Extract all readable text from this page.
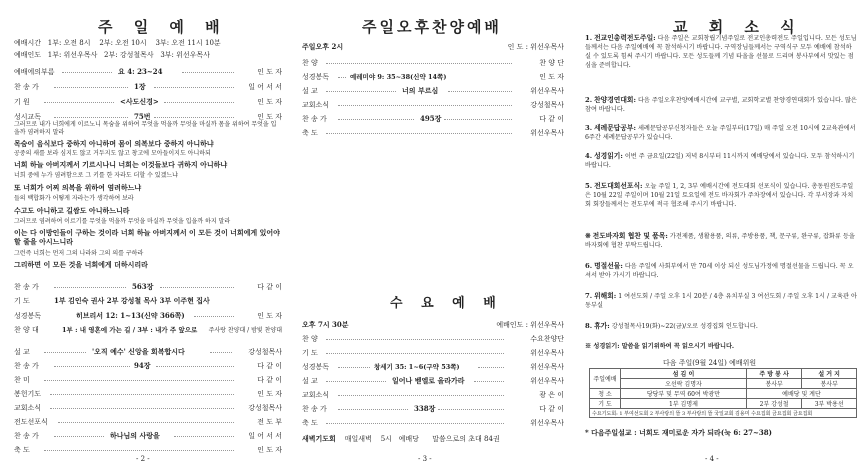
주 일 예 배
예배시간 1부: 오전 8시 2부: 오전 10시 3부: 오전 11시 10분
예배인도 1부: 위선우목사 2부: 강성철목사 3부: 위선우목사
예배에의부름	요 4: 23~24	인 도 자
찬 송 가	1장	일 어 서 서
기 원	<사도신경>	인 도 자
성시교독	75번	인 도 자
그러므로 내가 너희에게 이르노니 목숨을 위하여 무엇을 먹을까 무엇을 마실까 몸을 위하여 무엇을 입을까 염려하지 말라
목숨이 음식보다 중하지 아니하며 몸이 의복보다 중하지 아니하냐
공중의 새를 보라 심지도 않고 거두지도 않고 창고에 모아들이지도 아니하되
너희 하늘 아버지께서 기르시나니 너희는 이것들보다 귀하지 아니하냐
너희 중에 누가 염려함으로 그 키를 한 자라도 더할 수 있겠느냐
또 너희가 어찌 의복을 위하여 염려하느냐
들의 백합화가 어떻게 자라는가 생각하여 보라
수고도 아니하고 길쌈도 아니하느니라
그러므로 염려하여 이르기를 무엇을 먹을까 무엇을 마실까 무엇을 입을까 하지 말라
이는 다 이방인들이 구하는 것이라 너희 하늘 아버지께서 이 모든 것이 너희에게 있어야 할 줄을 아시느니라
그런즉 너희는 먼저 그의 나라와 그의 의를 구하라
그리하면 이 모든 것을 너희에게 더하시리라
찬 송 가	563장	다 같 이
기 도	1부 김인숙 권사 2부 강성철 목사 3부 이주현 집사
성경봉독	히브리서 12: 1~13(신약 366쪽)	인 도 자
찬 양 대	1부 : 내 영혼에 가는 길 / 3부 : 내가 주 앞으로 주사랑 찬양대 / 밤빛 찬양대
설 교	'오직 예수' 신앙을 회복합시다	강성철목사
찬 송 가	94장	다 같 이
찬 미	다 같 이
봉헌기도	인 도 자
교회소식	강성철목사
전도선포식	전 도 부
찬 송 가	하나님의 사랑을	일 어 서 서
축 도	인 도 자
- 2 -
주일오후찬양예배
주일오후 2시	인 도 : 위선우목사
찬 양	찬 양 단
성경봉독	예레미야 9: 35~38(신약 14쪽)	인 도 자
설 교	너의 부르심	위선우목사
교회소식	강성철목사
찬 송 가	495장	다 같 이
축 도	위선우목사
수 요 예 배
오후 7시 30분	예배인도 : 위선우목사
찬 양	수요찬양단
기 도	위선우목사
성경봉독	창세기 35: 1~6(구약 53쪽)	위선우목사
설 교	일어나 벧엘로 올라가라	위선우목사
교회소식	광 은 이
찬 송 가	338장	다 같 이
축 도	위선우목사
새벽기도회 매일새벽 5시 예배당 말씀으로의 초대 84권
- 3 -
교 회 소 식
1. 전교인총력전도주일: 다음 주일은 교회창립기념주일로 전교인총력전도 주일입니다. 모든 성도님들께서는 다음 주일예배에 꼭 참석하시기 바랍니다. 구역장님들께서는 구역식구 모두 예배에 참석하실 수 있도록 힘써 주시기 바랍니다. 모든 성도들께 기념 타올을 선물로 드리며 봉사부에서 맛있는 점심을 준비합니다.
2. 찬양경연대회: 다음 주일오후찬양예배시간에 교구별, 교회학교별 찬양경연대회가 있습니다. 많은 참여 바랍니다.
3. 세례문답공부: 세례문답공부신청자들은 오늘 주일부터(17일) 매 주일 오전 10시에 2교육관에서 6주간 세례문답공부가 있습니다.
4. 성경읽기: 이번 주 금요일(22일) 저녁 8시부터 11시까지 예배당에서 있습니다. 모두 참석하시기 바랍니다.
5. 전도대회선포식: 오늘 주일 1, 2, 3부 예배시간에 전도대회 선포식이 있습니다. 총동원전도주일은 10월 22일 주일이며 10월 21일 토요일에 전도 바자회가 주차장에서 있습니다. 각 부서장과 자치회 회장들께서는 전도부에 적극 협조해 주시기 바랍니다.
※ 전도바자회 협찬 및 품목: 가전제품, 생활용품, 의류, 주방용품, 책, 문구류, 완구류, 잡화류 등을 바자회에 협찬 부탁드립니다.
6. 명절선물: 다음 주일에 사회부에서 만 70세 이상 되신 성도님가정에 명절선물을 드립니다. 꼭 오셔서 받아 가시기 바랍니다.
7. 위해회: 1 여선도회 / 주일 오후 1시 20분 / 4층 유치부실 3 여선도회 / 주일 오후 1시 / 교육관 아동부실
8. 휴가: 강성철목사19(화)~22(금)/오로 성경집회 인도합니다.
※ 성경읽기: 말씀을 읽기위하여 꼭 읽으시기 바랍니다.
다음 주일(9월 24일) 예배위원
주일예배	섬 김 이	주 방 봉 사	설 거 지
	오선락 김명자	봉사부	봉사부
청 소	당당부 및 무역 60여 박광만	예배당 및 계단	
기 도	1부 김명제	2부 강성철	3부 박용선
수요기도회: 1 부여선도회 2 부사랑의 뜰 3 부사랑의 뜰 국일교회 김용미 수요집회 금요집회 금요집회			
* 다음주일설교 : 너희도 재미로운 자가 되라(눅 6: 27~38)
- 4 -
